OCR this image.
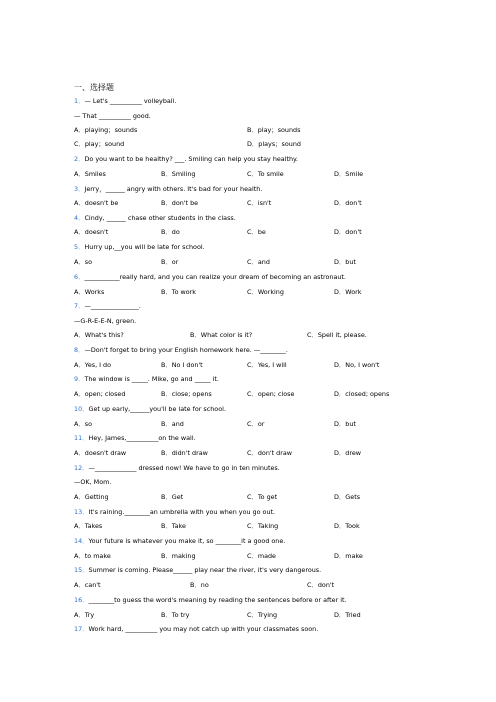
一、选择题
1．— Let's __________ volleyball.
— That __________ good.
A．playing；sounds	B．play；sounds
C．play；sound	D．plays；sound
2．Do you want to be healthy? ___. Smiling can help you stay healthy.
A．Smiles	B．Smiling	C．To smile	D．Smile
3．Jerry，______ angry with others. It's bad for your health.
A．doesn't be	B．don't be	C．isn't	D．don't
4．Cindy, ______ chase other students in the class.
A．doesn't	B．do	C．be	D．don't
5．Hurry up,__you will be late for school.
A．so	B．or	C．and	D．but
6．___________really hard, and you can realize your dream of becoming an astronaut.
A．Works	B．To work	C．Working	D．Work
7．—_______________.
—G-R-E-E-N, green.
A．What's this?	B．What color is it?	C．Spell it, please.
8．—Don't forget to bring your English homework here. —________.
A．Yes, I do	B．No I don't	C．Yes, I will	D．No, I won't
9．The window is _____. Mike, go and _____ it.
A．open; closed	B．close; opens	C．open; close	D．closed; opens
10．Get up early,______you'll be late for school.
A．so	B．and	C．or	D．but
11．Hey, James,__________on the wall.
A．doesn't draw	B．didn't draw	C．don't draw	D．drew
12．—_____________ dressed now! We have to go in ten minutes.
—OK, Mom.
A．Getting	B．Get	C．To get	D．Gets
13．It's raining.________an umbrella with you when you go out.
A．Takes	B．Take	C．Taking	D．Took
14．Your future is whatever you make it, so ________it a good one.
A．to make	B．making	C．made	D．make
15．Summer is coming. Please______ play near the river, it's very dangerous.
A．can't	B．no	C．don't
16．________to guess the word's meaning by reading the sentences before or after it.
A．Try	B．To try	C．Trying	D．Tried
17．Work hard, __________ you may not catch up with your classmates soon.
